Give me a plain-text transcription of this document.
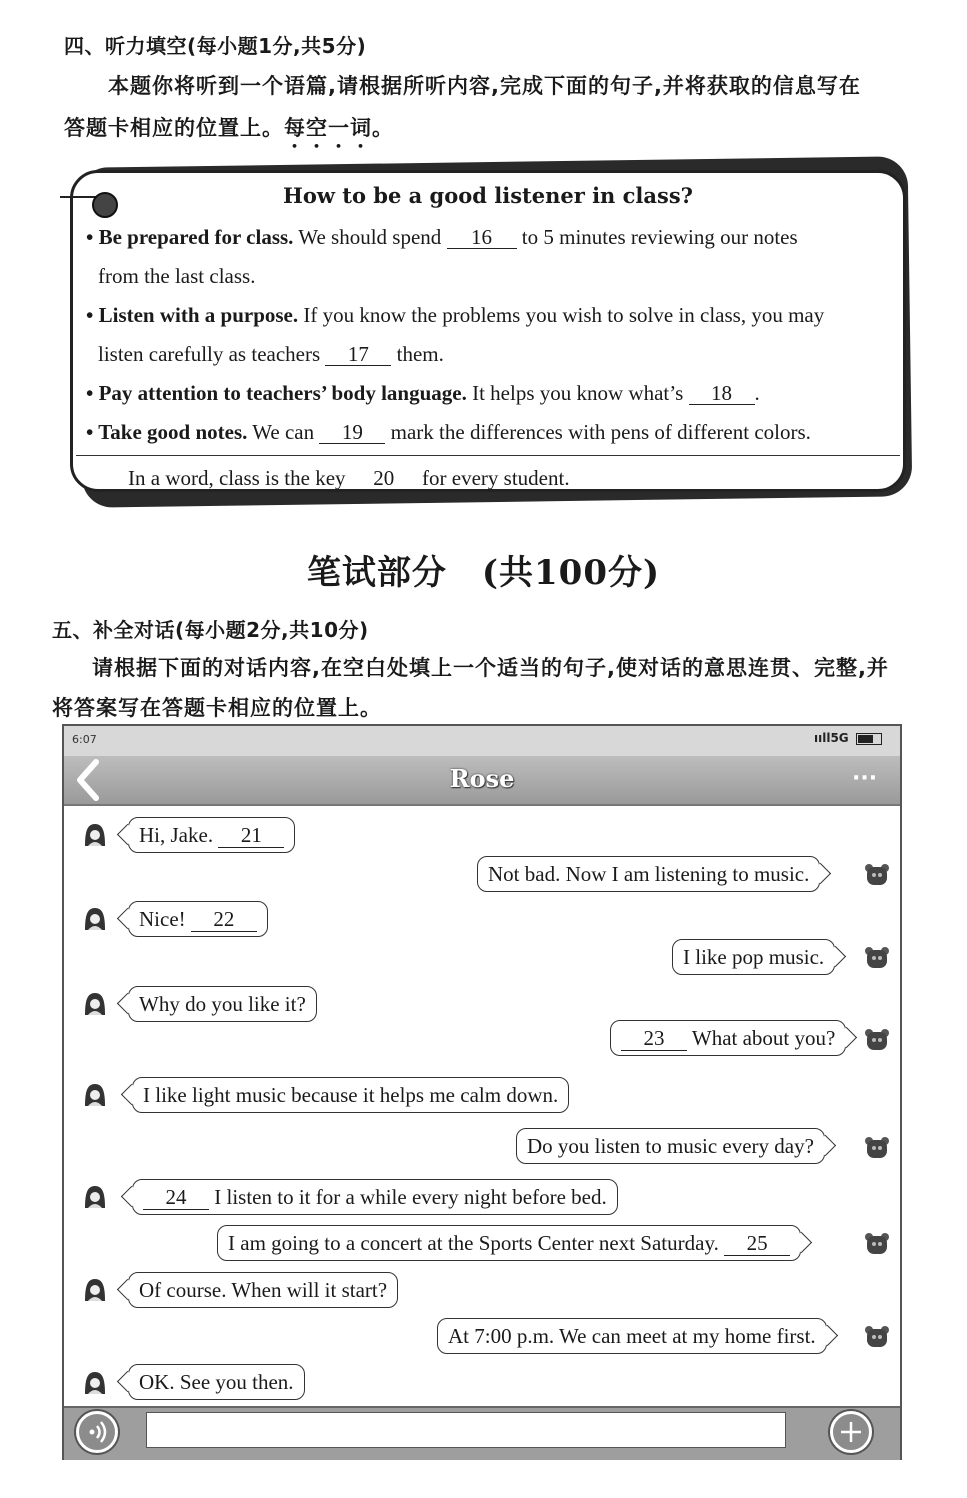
四、听力填空(每小题1分,共5分)
本题你将听到一个语篇,请根据所听内容,完成下面的句子,并将获取的信息写在
答题卡相应的位置上。每空一词。
How to be a good listener in class?
• Be prepared for class. We should spend 16 to 5 minutes reviewing our notes
from the last class.
• Listen with a purpose. If you know the problems you wish to solve in class, you may
listen carefully as teachers 17 them.
• Pay attention to teachers’ body language. It helps you know what’s 18 .
• Take good notes. We can 19 mark the differences with pens of different colors.
In a word, class is the key 20 for every student.
笔试部分　(共100分)
五、补全对话(每小题2分,共10分)
请根据下面的对话内容,在空白处填上一个适当的句子,使对话的意思连贯、完整,并
将答案写在答题卡相应的位置上。
6:07	ııll5G
Rose	···
Hi, Jake. 21
Not bad. Now I am listening to music.
Nice! 22
I like pop music.
Why do you like it?
23 What about you?
I like light music because it helps me calm down.
Do you listen to music every day?
24 I listen to it for a while every night before bed.
I am going to a concert at the Sports Center next Saturday. 25
Of course. When will it start?
At 7:00 p.m. We can meet at my home first.
OK. See you then.
